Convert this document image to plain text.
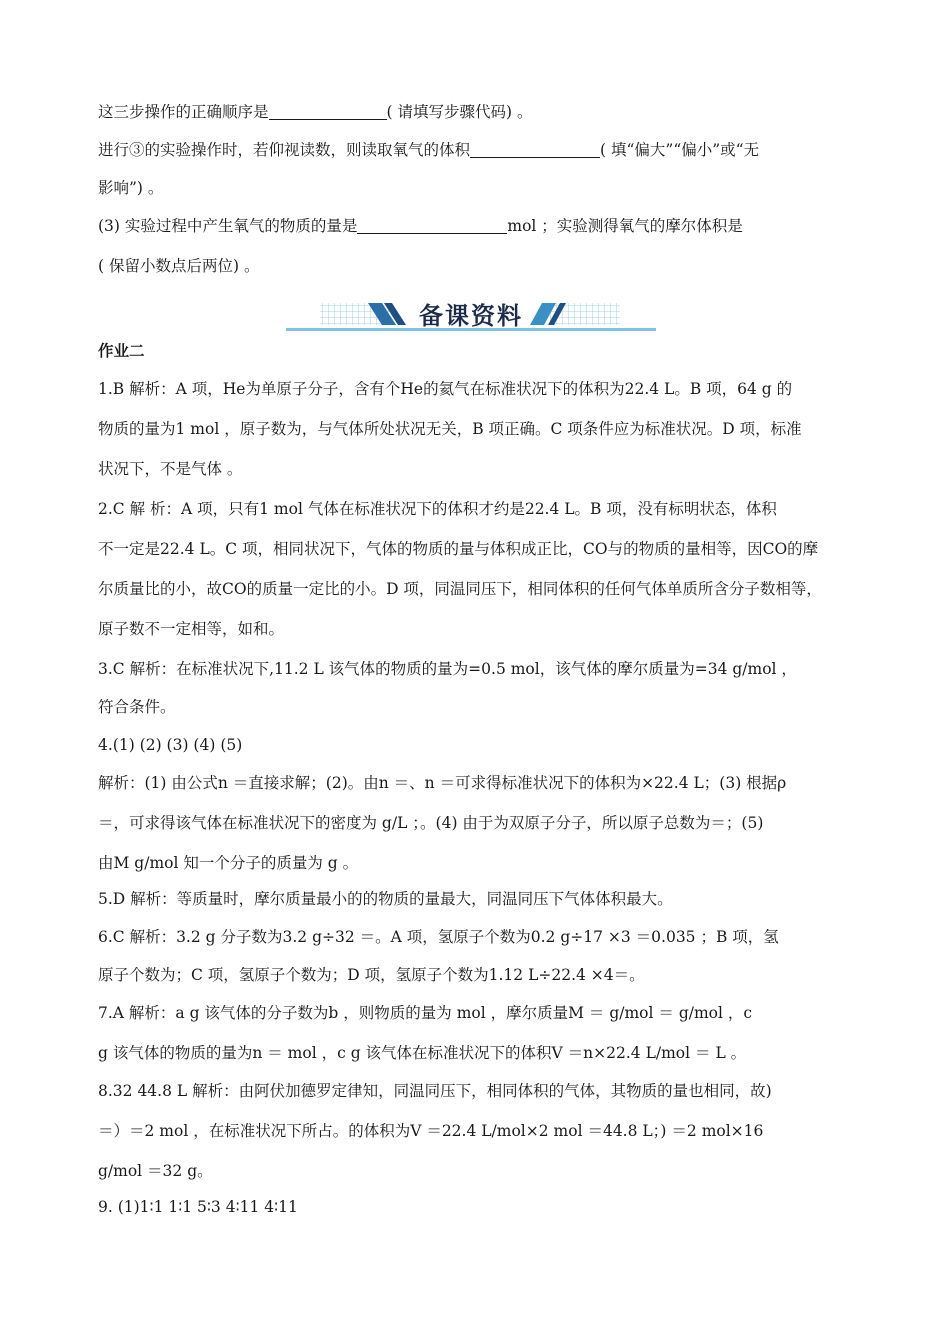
这三步操作的正确顺序是	( 请填写步骤代码) 。
进行③的实验操作时，若仰视读数，则读取氧气的体积	( 填“偏大”“偏小”或“无
影响”) 。
(3) 实验过程中产生氧气的物质的量是	mol ；实验测得氧气的摩尔体积是
( 保留小数点后两位) 。
备课资料
作业二
1.B 解析：A 项，He为单原子分子，含有个He的氦气在标准状况下的体积为22.4 L。B 项，64 g 的
物质的量为1 mol ，原子数为，与气体所处状况无关，B 项正确。C 项条件应为标准状况。D 项，标准
状况下，不是气体 。
2.C 解 析：A 项，只有1 mol 气体在标准状况下的体积才约是22.4 L。B 项，没有标明状态，体积
不一定是22.4 L。C 项，相同状况下，气体的物质的量与体积成正比，CO与的物质的量相等，因CO的摩
尔质量比的小，故CO的质量一定比的小。D 项，同温同压下，相同体积的任何气体单质所含分子数相等，
原子数不一定相等，如和。
3.C 解析：在标准状况下,11.2 L 该气体的物质的量为=0.5 mol，该气体的摩尔质量为=34 g/mol ，
符合条件。
4.(1) (2) (3) (4) (5)
解析：(1) 由公式n ＝直接求解；(2)。由n ＝、n ＝可求得标准状况下的体积为×22.4 L；(3) 根据ρ
＝，可求得该气体在标准状况下的密度为 g/L ；。(4) 由于为双原子分子，所以原子总数为＝；(5)
由M g/mol 知一个分子的质量为 g 。
5.D 解析：等质量时，摩尔质量最小的的物质的量最大，同温同压下气体体积最大。
6.C 解析：3.2 g 分子数为3.2 g÷32 ＝。A 项，氢原子个数为0.2 g÷17 ×3 ＝0.035 ；B 项，氢
原子个数为；C 项，氢原子个数为；D 项，氢原子个数为1.12 L÷22.4 ×4＝。
7.A 解析：a g 该气体的分子数为b ，则物质的量为 mol ，摩尔质量M ＝ g/mol ＝ g/mol ，c
g 该气体的物质的量为n ＝ mol ，c g 该气体在标准状况下的体积V ＝n×22.4 L/mol ＝ L 。
8.32 44.8 L 解析：由阿伏加德罗定律知，同温同压下，相同体积的气体，其物质的量也相同，故)
＝）＝2 mol ，在标准状况下所占。的体积为V ＝22.4 L/mol×2 mol ＝44.8 L；) ＝2 mol×16
g/mol ＝32 g。
9. (1)1∶1 1∶1 5∶3 4∶11 4∶11
